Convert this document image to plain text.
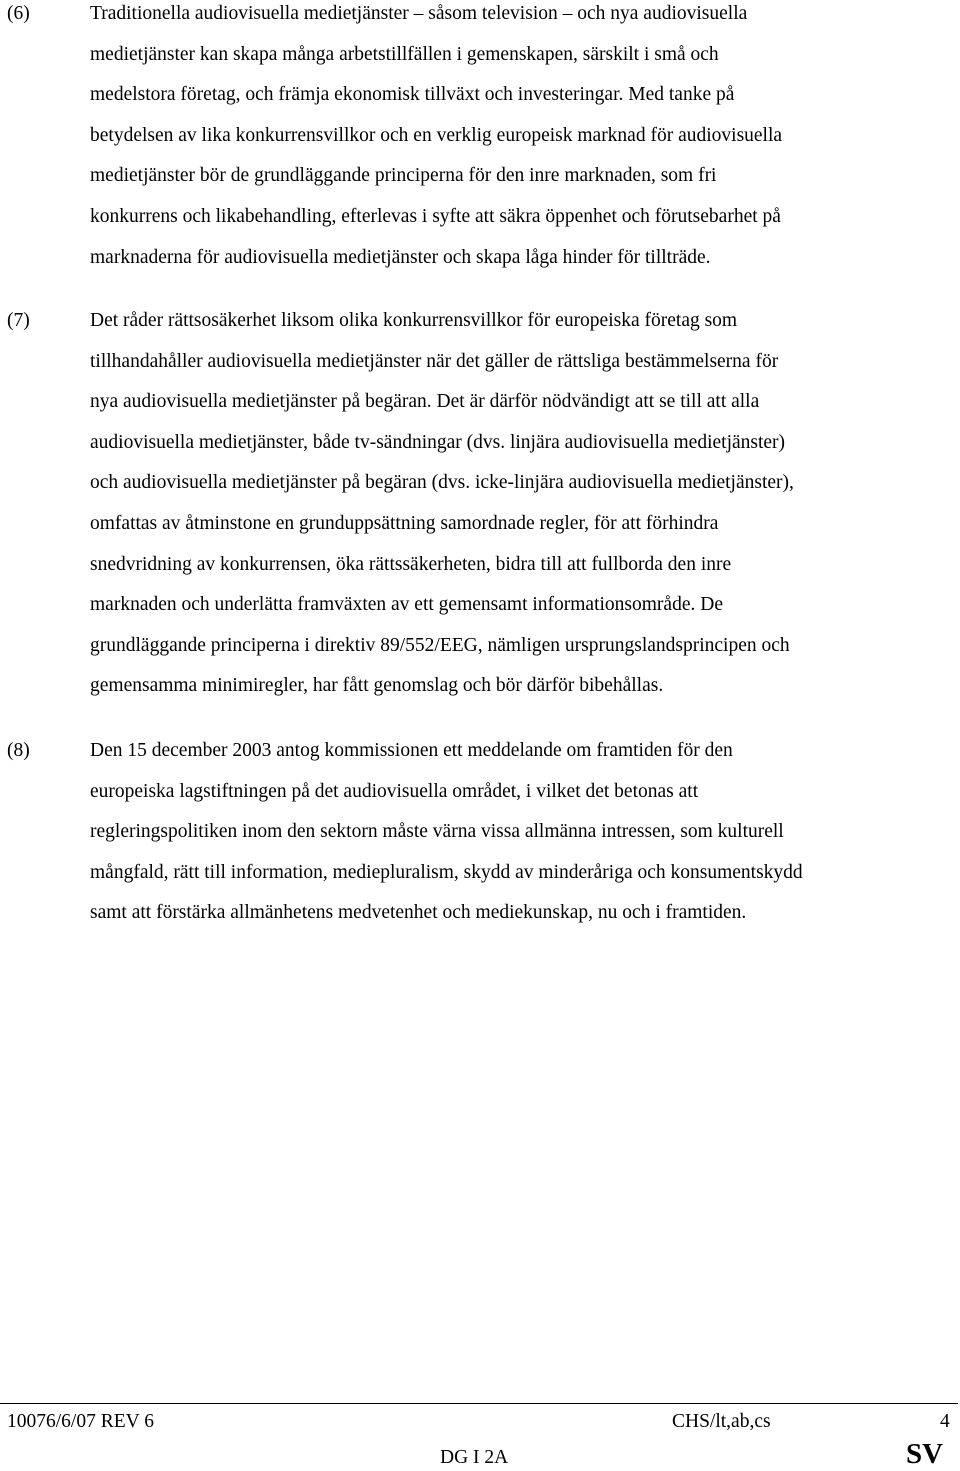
(6)	Traditionella audiovisuella medietjänster – såsom television – och nya audiovisuella
medietjänster kan skapa många arbetstillfällen i gemenskapen, särskilt i små och
medelstora företag, och främja ekonomisk tillväxt och investeringar. Med tanke på
betydelsen av lika konkurrensvillkor och en verklig europeisk marknad för audiovisuella
medietjänster bör de grundläggande principerna för den inre marknaden, som fri
konkurrens och likabehandling, efterlevas i syfte att säkra öppenhet och förutsebarhet på
marknaderna för audiovisuella medietjänster och skapa låga hinder för tillträde.
(7)	Det råder rättsosäkerhet liksom olika konkurrensvillkor för europeiska företag som
tillhandahåller audiovisuella medietjänster när det gäller de rättsliga bestämmelserna för
nya audiovisuella medietjänster på begäran. Det är därför nödvändigt att se till att alla
audiovisuella medietjänster, både tv-sändningar (dvs. linjära audiovisuella medietjänster)
och audiovisuella medietjänster på begäran (dvs. icke-linjära audiovisuella medietjänster),
omfattas av åtminstone en grunduppsättning samordnade regler, för att förhindra
snedvridning av konkurrensen, öka rättssäkerheten, bidra till att fullborda den inre
marknaden och underlätta framväxten av ett gemensamt informationsområde. De
grundläggande principerna i direktiv 89/552/EEG, nämligen ursprungslandsprincipen och
gemensamma minimiregler, har fått genomslag och bör därför bibehållas.
(8)	Den 15 december 2003 antog kommissionen ett meddelande om framtiden för den
europeiska lagstiftningen på det audiovisuella området, i vilket det betonas att
regleringspolitiken inom den sektorn måste värna vissa allmänna intressen, som kulturell
mångfald, rätt till information, mediepluralism, skydd av minderåriga och konsumentskydd
samt att förstärka allmänhetens medvetenhet och mediekunskap, nu och i framtiden.
10076/6/07 REV 6	CHS/lt,ab,cs	4
DG I 2A	SV
